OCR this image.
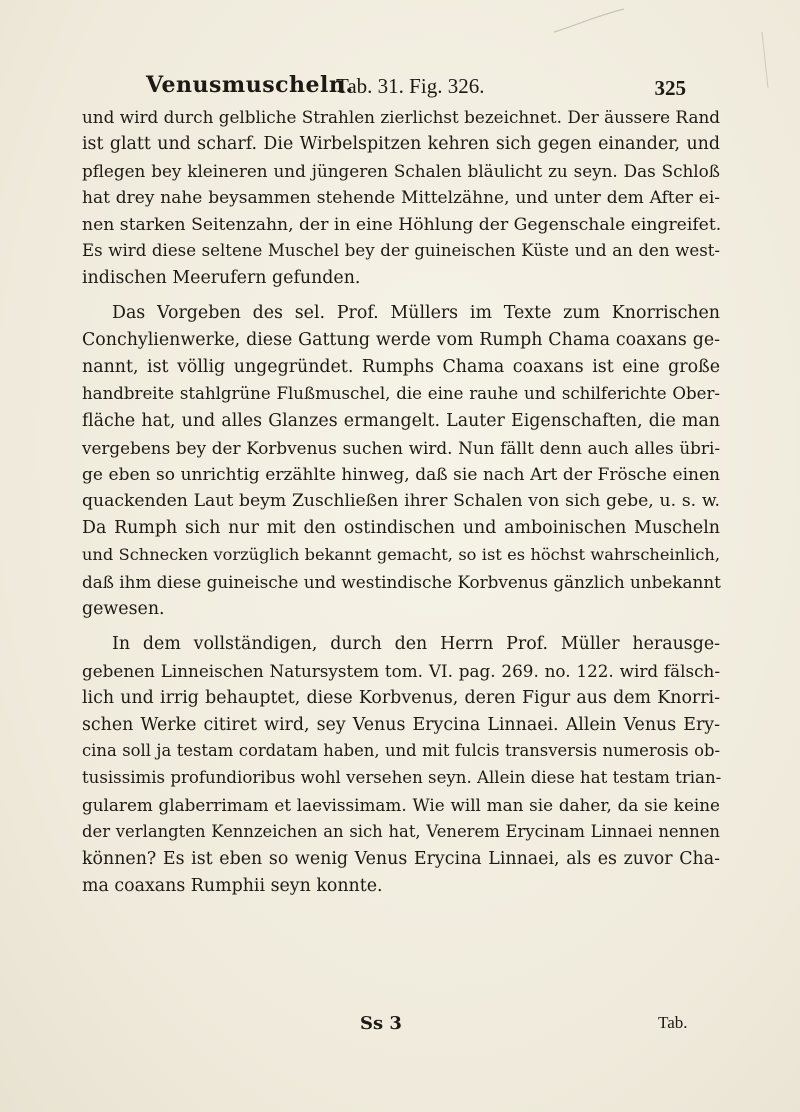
Venusmuscheln.
Tab. 31. Fig. 326.	325

und wird durch gelbliche Strahlen zierlichst bezeichnet. Der äussere Rand
ist glatt und scharf. Die Wirbelspitzen kehren sich gegen einander, und
pflegen bey kleineren und jüngeren Schalen bläulicht zu seyn. Das Schloß
hat drey nahe beysammen stehende Mittelzähne, und unter dem After ei-
nen starken Seitenzahn, der in eine Höhlung der Gegenschale eingreifet.
Es wird diese seltene Muschel bey der guineischen Küste und an den west-
indischen Meerufern gefunden.

Das Vorgeben des sel. Prof. Müllers im Texte zum Knorrischen
Conchylienwerke, diese Gattung werde vom Rumph Chama coaxans ge-
nannt, ist völlig ungegründet. Rumphs Chama coaxans ist eine große
handbreite stahlgrüne Flußmuschel, die eine rauhe und schilferichte Ober-
fläche hat, und alles Glanzes ermangelt. Lauter Eigenschaften, die man
vergebens bey der Korbvenus suchen wird. Nun fällt denn auch alles übri-
ge eben so unrichtig erzählte hinweg, daß sie nach Art der Frösche einen
quackenden Laut beym Zuschließen ihrer Schalen von sich gebe, u. s. w.
Da Rumph sich nur mit den ostindischen und amboinischen Muscheln
und Schnecken vorzüglich bekannt gemacht, so ist es höchst wahrscheinlich,
daß ihm diese guineische und westindische Korbvenus gänzlich unbekannt
gewesen.

In dem vollständigen, durch den Herrn Prof. Müller herausge-
gebenen Linneischen Natursystem tom. VI. pag. 269. no. 122. wird fälsch-
lich und irrig behauptet, diese Korbvenus, deren Figur aus dem Knorri-
schen Werke citiret wird, sey Venus Erycina Linnaei. Allein Venus Ery-
cina soll ja testam cordatam haben, und mit fulcis transversis numerosis ob-
tusissimis profundioribus wohl versehen seyn. Allein diese hat testam trian-
gularem glaberrimam et laevissimam. Wie will man sie daher, da sie keine
der verlangten Kennzeichen an sich hat, Venerem Erycinam Linnaei nennen
können? Es ist eben so wenig Venus Erycina Linnaei, als es zuvor Cha-
ma coaxans Rumphii seyn konnte.

Ss 3	Tab.
